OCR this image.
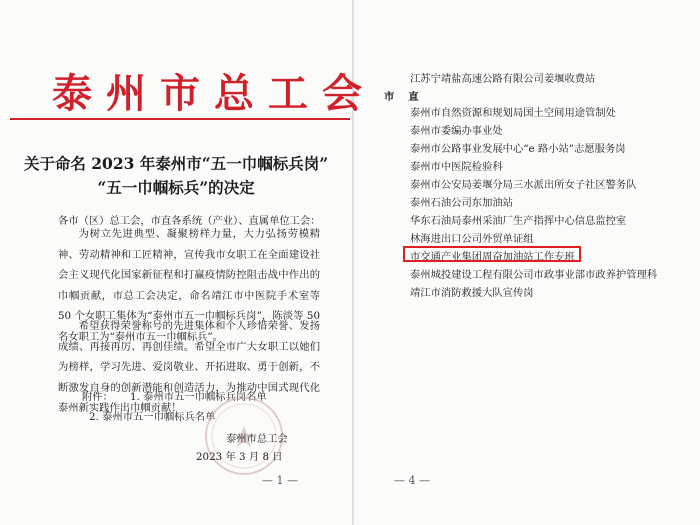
泰州市总工会
关于命名 2023 年泰州市“五一巾帼标兵岗”
“五一巾帼标兵”的决定
各市（区）总工会，市直各系统（产业）、直属单位工会：
为树立先进典型、凝聚榜样力量，大力弘扬劳模精神、劳动精神和工匠精神，宣传我市女职工在全面建设社会主义现代化国家新征程和打赢疫情防控阻击战中作出的巾帼贡献，市总工会决定，命名靖江市中医院手术室等 50 个女职工集体为“泰州市五一巾帼标兵岗”，陈淡等 50 名女职工为“泰州市五一巾帼标兵”。
希望获得荣誉称号的先进集体和个人珍惜荣誉、发扬成绩、再接再厉、再创佳绩。希望全市广大女职工以她们为榜样，学习先进、爱岗敬业、开拓进取、勇于创新，不断激发自身的创新潜能和创造活力，为推动中国式现代化泰州新实践作出巾帼贡献！
附件： 1. 泰州市五一巾帼标兵岗名单
2. 泰州市五一巾帼标兵名单
泰州市总工会
2023 年 3 月 8 日
— 1 —
江苏宁靖盐高速公路有限公司姜堰收费站
市直
泰州市自然资源和规划局国土空间用途管制处
泰州市委编办事业处
泰州市公路事业发展中心“e 路小站”志愿服务岗
泰州市中医院检验科
泰州市公安局姜堰分局三水派出所女子社区警务队
泰州石油公司东加油站
华东石油局泰州采油厂生产指挥中心信息监控室
林海进出口公司外贸单证组
市交通产业集团周奋加油站工作专班
泰州城投建设工程有限公司市政事业部市政养护管理科
靖江市消防救援大队宣传岗
— 4 —
